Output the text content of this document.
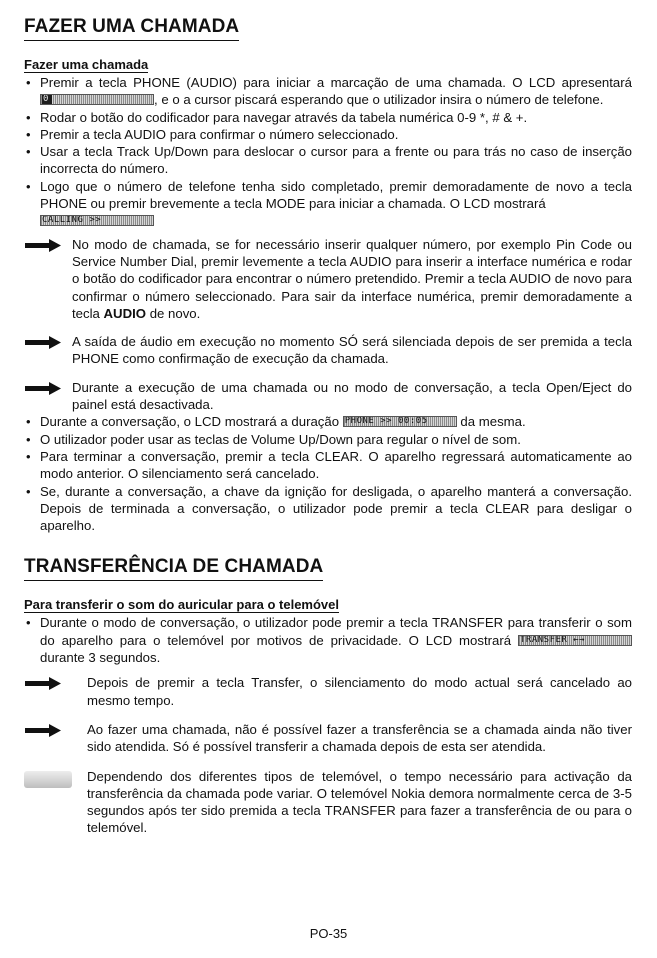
FAZER UMA CHAMADA
Fazer uma chamada
• Premir a tecla PHONE (AUDIO) para iniciar a marcação de uma chamada. O LCD apresentará
0	, e o a cursor piscará esperando que o utilizador insira o número de telefone.
• Rodar o botão do codificador para navegar através da tabela numérica 0-9 *, # & +.
• Premir a tecla AUDIO para confirmar o número seleccionado.
• Usar a tecla Track Up/Down para deslocar o cursor para a frente ou para trás no caso de inserção incorrecta do número.
• Logo que o número de telefone tenha sido completado, premir demoradamente de novo a tecla PHONE ou premir brevemente a tecla MODE para iniciar a chamada. O LCD mostrará
CALLING >>
No modo de chamada, se for necessário inserir qualquer número, por exemplo Pin Code ou Service Number Dial, premir levemente a tecla AUDIO para inserir a interface numérica e rodar o botão do codificador para encontrar o número pretendido. Premir a tecla AUDIO de novo para confirmar o número seleccionado. Para sair da interface numérica, premir demoradamente a tecla AUDIO de novo.
A saída de áudio em execução no momento SÓ será silenciada depois de ser premida a tecla PHONE como confirmação de execução da chamada.
Durante a execução de uma chamada ou no modo de conversação, a tecla Open/Eject do painel está desactivada.
• Durante a conversação, o LCD mostrará a duração PHONE >> 00:05 da mesma.
• O utilizador poder usar as teclas de Volume Up/Down para regular o nível de som.
• Para terminar a conversação, premir a tecla CLEAR. O aparelho regressará automaticamente ao modo anterior. O silenciamento será cancelado.
• Se, durante a conversação, a chave da ignição for desligada, o aparelho manterá a conversação. Depois de terminada a conversação, o utilizador pode premir a tecla CLEAR para desligar o aparelho.
TRANSFERÊNCIA DE CHAMADA
Para transferir o som do auricular para o telemóvel
• Durante o modo de conversação, o utilizador pode premir a tecla TRANSFER para transferir o som do aparelho para o telemóvel por motivos de privacidade. O LCD mostrará TRANSFER ←→ durante 3 segundos.
Depois de premir a tecla Transfer, o silenciamento do modo actual será cancelado ao mesmo tempo.
Ao fazer uma chamada, não é possível fazer a transferência se a chamada ainda não tiver sido atendida. Só é possível transferir a chamada depois de esta ser atendida.
Dependendo dos diferentes tipos de telemóvel, o tempo necessário para activação da transferência da chamada pode variar. O telemóvel Nokia demora normalmente cerca de 3-5 segundos após ter sido premida a tecla TRANSFER para fazer a transferência de ou para o telemóvel.
PO-35
